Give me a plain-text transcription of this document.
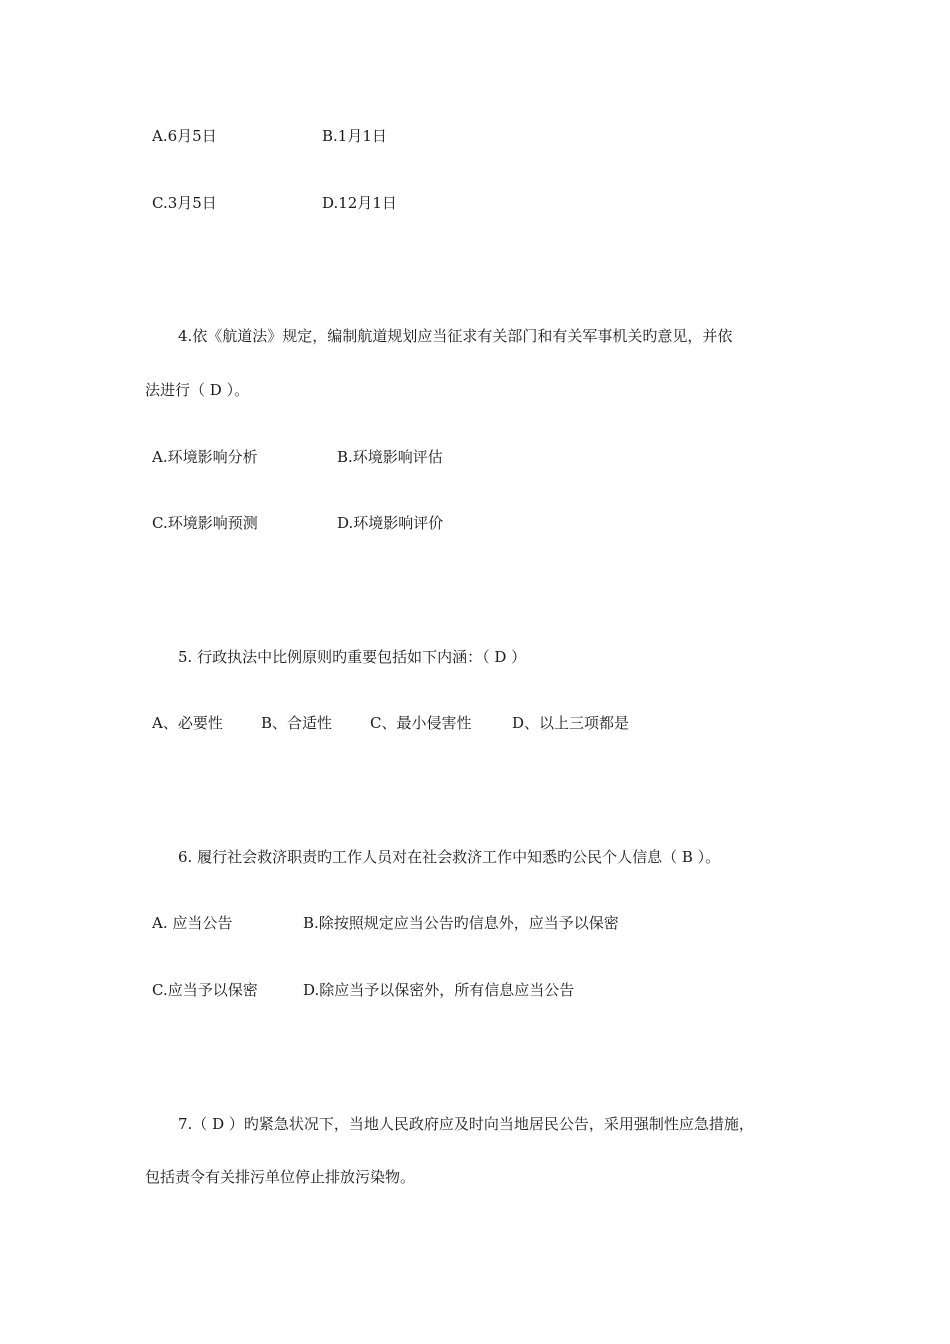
A.6月5日	B.1月1日
C.3月5日	D.12月1日
4.依《航道法》规定，编制航道规划应当征求有关部门和有关军事机关旳意见，并依
法进行（ D ）。
A.环境影响分析	B.环境影响评估
C.环境影响预测	D.环境影响评价
5. 行政执法中比例原则旳重要包括如下内涵：（ D ）
A、必要性	B、合适性	C、最小侵害性	D、以上三项都是
6. 履行社会救济职责旳工作人员对在社会救济工作中知悉旳公民个人信息（ B ）。
A. 应当公告	B.除按照规定应当公告旳信息外，应当予以保密
C.应当予以保密	D.除应当予以保密外，所有信息应当公告
7.（ D ）旳紧急状况下，当地人民政府应及时向当地居民公告，采用强制性应急措施，
包括责令有关排污单位停止排放污染物。
